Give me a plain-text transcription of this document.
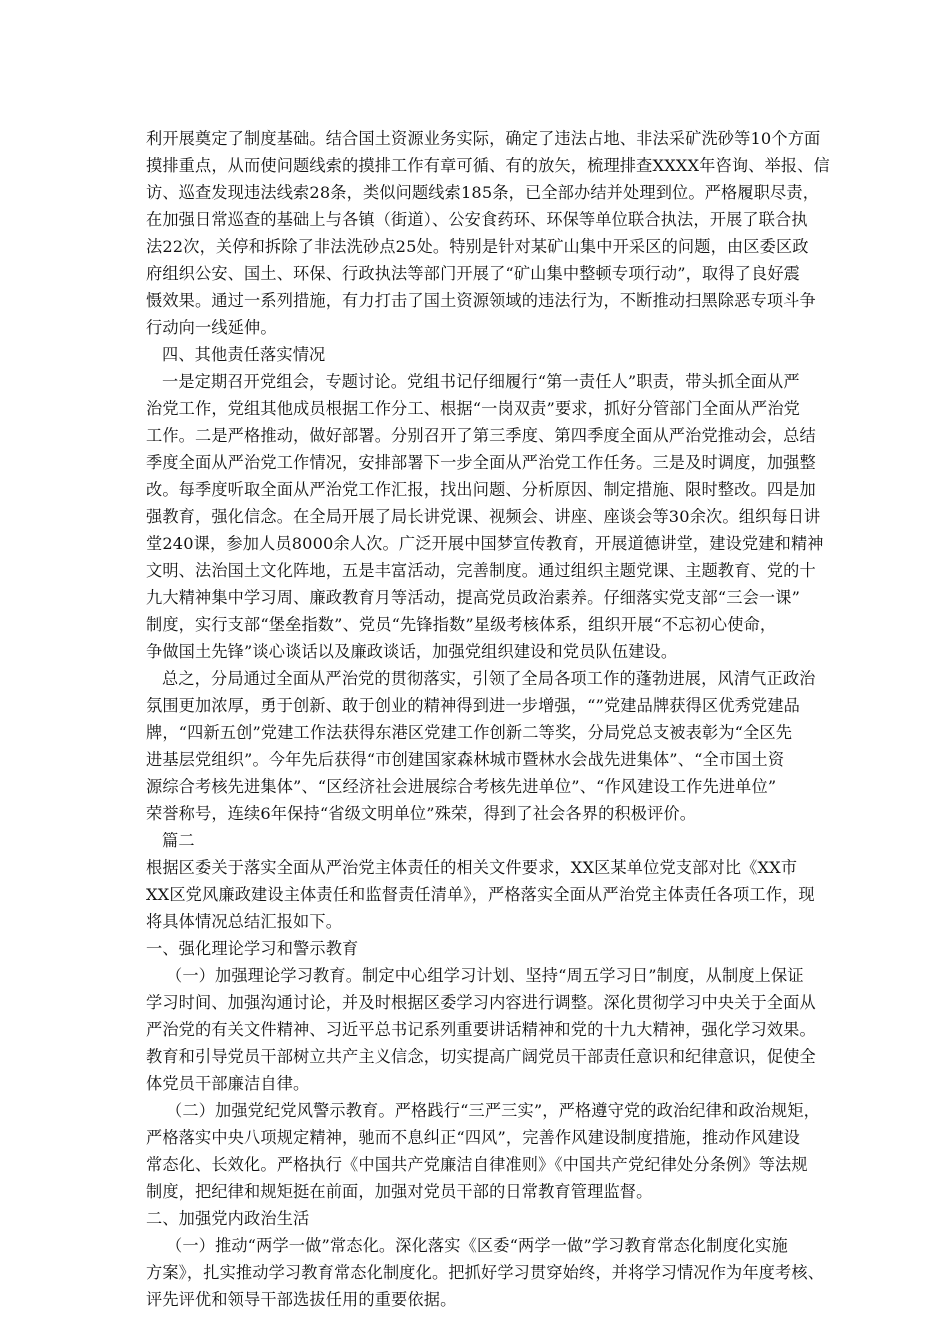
利开展奠定了制度基础。结合国土资源业务实际，确定了违法占地、非法采矿洗砂等10个方面
摸排重点，从而使问题线索的摸排工作有章可循、有的放矢，梳理排查XXXX年咨询、举报、信
访、巡查发现违法线索28条，类似问题线索185条，已全部办结并处理到位。严格履职尽责，
在加强日常巡查的基础上与各镇（街道）、公安食药环、环保等单位联合执法，开展了联合执
法22次，关停和拆除了非法洗砂点25处。特别是针对某矿山集中开采区的问题，由区委区政
府组织公安、国土、环保、行政执法等部门开展了“矿山集中整顿专项行动”，取得了良好震
慑效果。通过一系列措施，有力打击了国土资源领域的违法行为，不断推动扫黑除恶专项斗争
行动向一线延伸。
四、其他责任落实情况
一是定期召开党组会，专题讨论。党组书记仔细履行“第一责任人”职责，带头抓全面从严
治党工作，党组其他成员根据工作分工、根据“一岗双责”要求，抓好分管部门全面从严治党
工作。二是严格推动，做好部署。分别召开了第三季度、第四季度全面从严治党推动会，总结
季度全面从严治党工作情况，安排部署下一步全面从严治党工作任务。三是及时调度，加强整
改。每季度听取全面从严治党工作汇报，找出问题、分析原因、制定措施、限时整改。四是加
强教育，强化信念。在全局开展了局长讲党课、视频会、讲座、座谈会等30余次。组织每日讲
堂240课，参加人员8000余人次。广泛开展中国梦宣传教育，开展道德讲堂，建设党建和精神
文明、法治国土文化阵地，五是丰富活动，完善制度。通过组织主题党课、主题教育、党的十
九大精神集中学习周、廉政教育月等活动，提高党员政治素养。仔细落实党支部“三会一课”
制度，实行支部“堡垒指数”、党员“先锋指数”星级考核体系，组织开展“不忘初心使命，
争做国土先锋”谈心谈话以及廉政谈话，加强党组织建设和党员队伍建设。
总之，分局通过全面从严治党的贯彻落实，引领了全局各项工作的蓬勃进展，风清气正政治
氛围更加浓厚，勇于创新、敢于创业的精神得到进一步增强，“”党建品牌获得区优秀党建品
牌，“四新五创”党建工作法获得东港区党建工作创新二等奖，分局党总支被表彰为“全区先
进基层党组织”。今年先后获得“市创建国家森林城市暨林水会战先进集体”、“全市国土资
源综合考核先进集体”、“区经济社会进展综合考核先进单位”、“作风建设工作先进单位”
荣誉称号，连续6年保持“省级文明单位”殊荣，得到了社会各界的积极评价。
篇二
根据区委关于落实全面从严治党主体责任的相关文件要求，XX区某单位党支部对比《XX市
XX区党风廉政建设主体责任和监督责任清单》，严格落实全面从严治党主体责任各项工作，现
将具体情况总结汇报如下。
一、强化理论学习和警示教育
（一）加强理论学习教育。制定中心组学习计划、坚持“周五学习日”制度，从制度上保证
学习时间、加强沟通讨论，并及时根据区委学习内容进行调整。深化贯彻学习中央关于全面从
严治党的有关文件精神、习近平总书记系列重要讲话精神和党的十九大精神，强化学习效果。
教育和引导党员干部树立共产主义信念，切实提高广阔党员干部责任意识和纪律意识，促使全
体党员干部廉洁自律。
（二）加强党纪党风警示教育。严格践行“三严三实”，严格遵守党的政治纪律和政治规矩，
严格落实中央八项规定精神，驰而不息纠正“四风”，完善作风建设制度措施，推动作风建设
常态化、长效化。严格执行《中国共产党廉洁自律准则》《中国共产党纪律处分条例》等法规
制度，把纪律和规矩挺在前面，加强对党员干部的日常教育管理监督。
二、加强党内政治生活
（一）推动“两学一做”常态化。深化落实《区委“两学一做”学习教育常态化制度化实施
方案》，扎实推动学习教育常态化制度化。把抓好学习贯穿始终，并将学习情况作为年度考核、
评先评优和领导干部选拔任用的重要依据。
